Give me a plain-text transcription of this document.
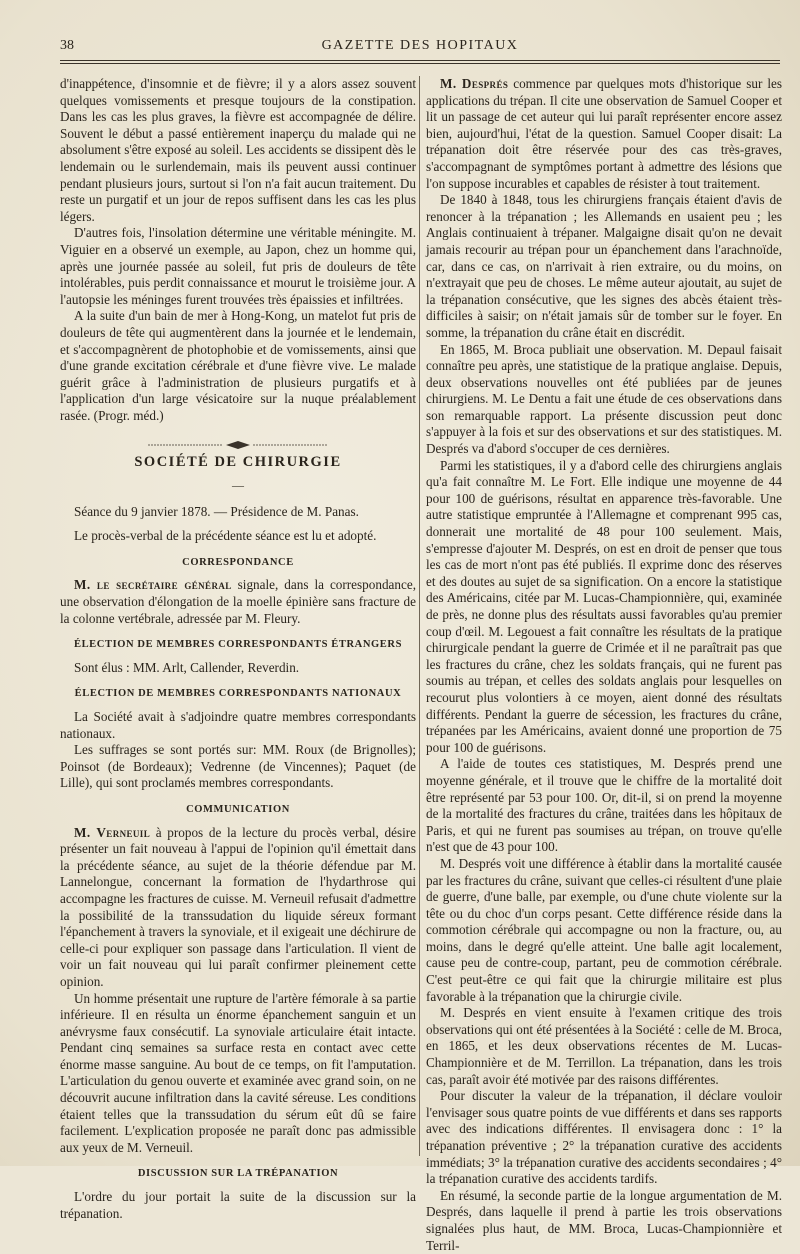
38	GAZETTE DES HOPITAUX

d'inappétence, d'insomnie et de fièvre; il y a alors assez souvent quelques vomissements et presque toujours de la constipation. Dans les cas les plus graves, la fièvre est accompagnée de délire. Souvent le début a passé entièrement inaperçu du malade qui ne absolument s'être exposé au soleil. Les accidents se dissipent dès le lendemain ou le surlendemain, mais ils peuvent aussi continuer pendant plusieurs jours, surtout si l'on n'a fait aucun traitement. Du reste un purgatif et un jour de repos suffisent dans les cas les plus légers.

D'autres fois, l'insolation détermine une véritable méningite. M. Viguier en a observé un exemple, au Japon, chez un homme qui, après une journée passée au soleil, fut pris de douleurs de tête intolérables, puis perdit connaissance et mourut le troisième jour. A l'autopsie les méninges furent trouvées très épaissies et infiltrées.

A la suite d'un bain de mer à Hong-Kong, un matelot fut pris de douleurs de tête qui augmentèrent dans la journée et le lendemain, et s'accompagnèrent de photophobie et de vomissements, ainsi que d'une grande excitation cérébrale et d'une fièvre vive. Le malade guérit grâce à l'administration de plusieurs purgatifs et à l'application d'un large vésicatoire sur la nuque préalablement rasée. (Progr. méd.)

SOCIÉTÉ DE CHIRURGIE
—

Séance du 9 janvier 1878. — Présidence de M. Panas.

Le procès-verbal de la précédente séance est lu et adopté.

CORRESPONDANCE

M. le secrétaire général signale, dans la correspondance, une observation d'élongation de la moelle épinière sans fracture de la colonne vertébrale, adressée par M. Fleury.

ÉLECTION DE MEMBRES CORRESPONDANTS ÉTRANGERS

Sont élus : MM. Arlt, Callender, Reverdin.

ÉLECTION DE MEMBRES CORRESPONDANTS NATIONAUX

La Société avait à s'adjoindre quatre membres correspondants nationaux.

Les suffrages se sont portés sur: MM. Roux (de Brignolles); Poinsot (de Bordeaux); Vedrenne (de Vincennes); Paquet (de Lille), qui sont proclamés membres correspondants.

COMMUNICATION

M. Verneuil à propos de la lecture du procès verbal, désire présenter un fait nouveau à l'appui de l'opinion qu'il émettait dans la précédente séance, au sujet de la théorie défendue par M. Lannelongue, concernant la formation de l'hydarthrose qui accompagne les fractures de cuisse. M. Verneuil refusait d'admettre la possibilité de la transsudation du liquide séreux formant l'épanchement à travers la synoviale, et il exigeait une déchirure de celle-ci pour expliquer son passage dans l'articulation. Il vient de voir un fait nouveau qui lui paraît confirmer pleinement cette opinion.

Un homme présentait une rupture de l'artère fémorale à sa partie inférieure. Il en résulta un énorme épanchement sanguin et un anévrysme faux consécutif. La synoviale articulaire était intacte. Pendant cinq semaines sa surface resta en contact avec cette énorme masse sanguine. Au bout de ce temps, on fit l'amputation. L'articulation du genou ouverte et examinée avec grand soin, on ne découvrit aucune infiltration dans la cavité séreuse. Les conditions étaient telles que la transsudation du sérum eût dû se faire facilement. L'explication proposée ne paraît donc pas admissible aux yeux de M. Verneuil.

DISCUSSION SUR LA TRÉPANATION

L'ordre du jour portait la suite de la discussion sur la trépanation.

M. Després commence par quelques mots d'historique sur les applications du trépan. Il cite une observation de Samuel Cooper et lit un passage de cet auteur qui lui paraît représenter encore assez bien, aujourd'hui, l'état de la question. Samuel Cooper disait: La trépanation doit être réservée pour des cas très-graves, s'accompagnant de symptômes portant à admettre des lésions que l'on suppose incurables et capables de résister à tout traitement.

De 1840 à 1848, tous les chirurgiens français étaient d'avis de renoncer à la trépanation ; les Allemands en usaient peu ; les Anglais continuaient à trépaner. Malgaigne disait qu'on ne devait jamais recourir au trépan pour un épanchement dans l'arachnoïde, car, dans ce cas, on n'arrivait à rien extraire, ou du moins, on n'extrayait que peu de choses. Le même auteur ajoutait, au sujet de la trépanation consécutive, que les signes des abcès étaient très-difficiles à saisir; on n'était jamais sûr de tomber sur le foyer. En somme, la trépanation du crâne était en discrédit.

En 1865, M. Broca publiait une observation. M. Depaul faisait connaître peu après, une statistique de la pratique anglaise. Depuis, deux observations nouvelles ont été publiées par de jeunes chirurgiens. M. Le Dentu a fait une étude de ces observations dans son remarquable rapport. La présente discussion peut donc s'appuyer à la fois et sur des observations et sur des statistiques. M. Després va d'abord s'occuper de ces dernières.

Parmi les statistiques, il y a d'abord celle des chirurgiens anglais qu'a fait connaître M. Le Fort. Elle indique une moyenne de 44 pour 100 de guérisons, résultat en apparence très-favorable. Une autre statistique empruntée à l'Allemagne et comprenant 995 cas, donnerait une mortalité de 48 pour 100 seulement. Mais, s'empresse d'ajouter M. Després, on est en droit de penser que tous les cas de mort n'ont pas été publiés. Il exprime donc des réserves et des doutes au sujet de sa signification. On a encore la statistique des Américains, citée par M. Lucas-Championnière, qui, examinée de près, ne donne plus des résultats aussi favorables qu'au premier coup d'œil. M. Legouest a fait connaître les résultats de la pratique chirurgicale pendant la guerre de Crimée et il ne paraîtrait pas que les fractures du crâne, chez les soldats français, qui ne furent pas soumis au trépan, et celles des soldats anglais pour lesquelles on recourut plus volontiers à ce moyen, aient donné des résultats différents. Pendant la guerre de sécession, les fractures du crâne, trépanées par les Américains, avaient donné une proportion de 75 pour 100 de guérisons.

A l'aide de toutes ces statistiques, M. Després prend une moyenne générale, et il trouve que le chiffre de la mortalité doit être représenté par 53 pour 100. Or, dit-il, si on prend la moyenne de la mortalité des fractures du crâne, traitées dans les hôpitaux de Paris, et qui ne furent pas soumises au trépan, on trouve qu'elle n'est que de 43 pour 100.

M. Després voit une différence à établir dans la mortalité causée par les fractures du crâne, suivant que celles-ci résultent d'une plaie de guerre, d'une balle, par exemple, ou d'une chute violente sur la tête ou du choc d'un corps pesant. Cette différence réside dans la commotion cérébrale qui accompagne ou non la fracture, ou, au moins, dans le degré qu'elle atteint. Une balle agit localement, cause peu de contre-coup, partant, peu de commotion cérébrale. C'est peut-être ce qui fait que la chirurgie militaire est plus favorable à la trépanation que la chirurgie civile.

M. Després en vient ensuite à l'examen critique des trois observations qui ont été présentées à la Société : celle de M. Broca, en 1865, et les deux observations récentes de M. Lucas-Championnière et de M. Terrillon. La trépanation, dans les trois cas, paraît avoir été motivée par des raisons différentes.

Pour discuter la valeur de la trépanation, il déclare vouloir l'envisager sous quatre points de vue différents et dans ses rapports avec des indications différentes. Il envisagera donc : 1° la trépanation préventive ; 2° la trépanation curative des accidents immédiats; 3° la trépanation curative des accidents secondaires ; 4° la trépanation curative des accidents tardifs.

En résumé, la seconde partie de la longue argumentation de M. Després, dans laquelle il prend à partie les trois observations signalées plus haut, de MM. Broca, Lucas-Championnière et Terril-
